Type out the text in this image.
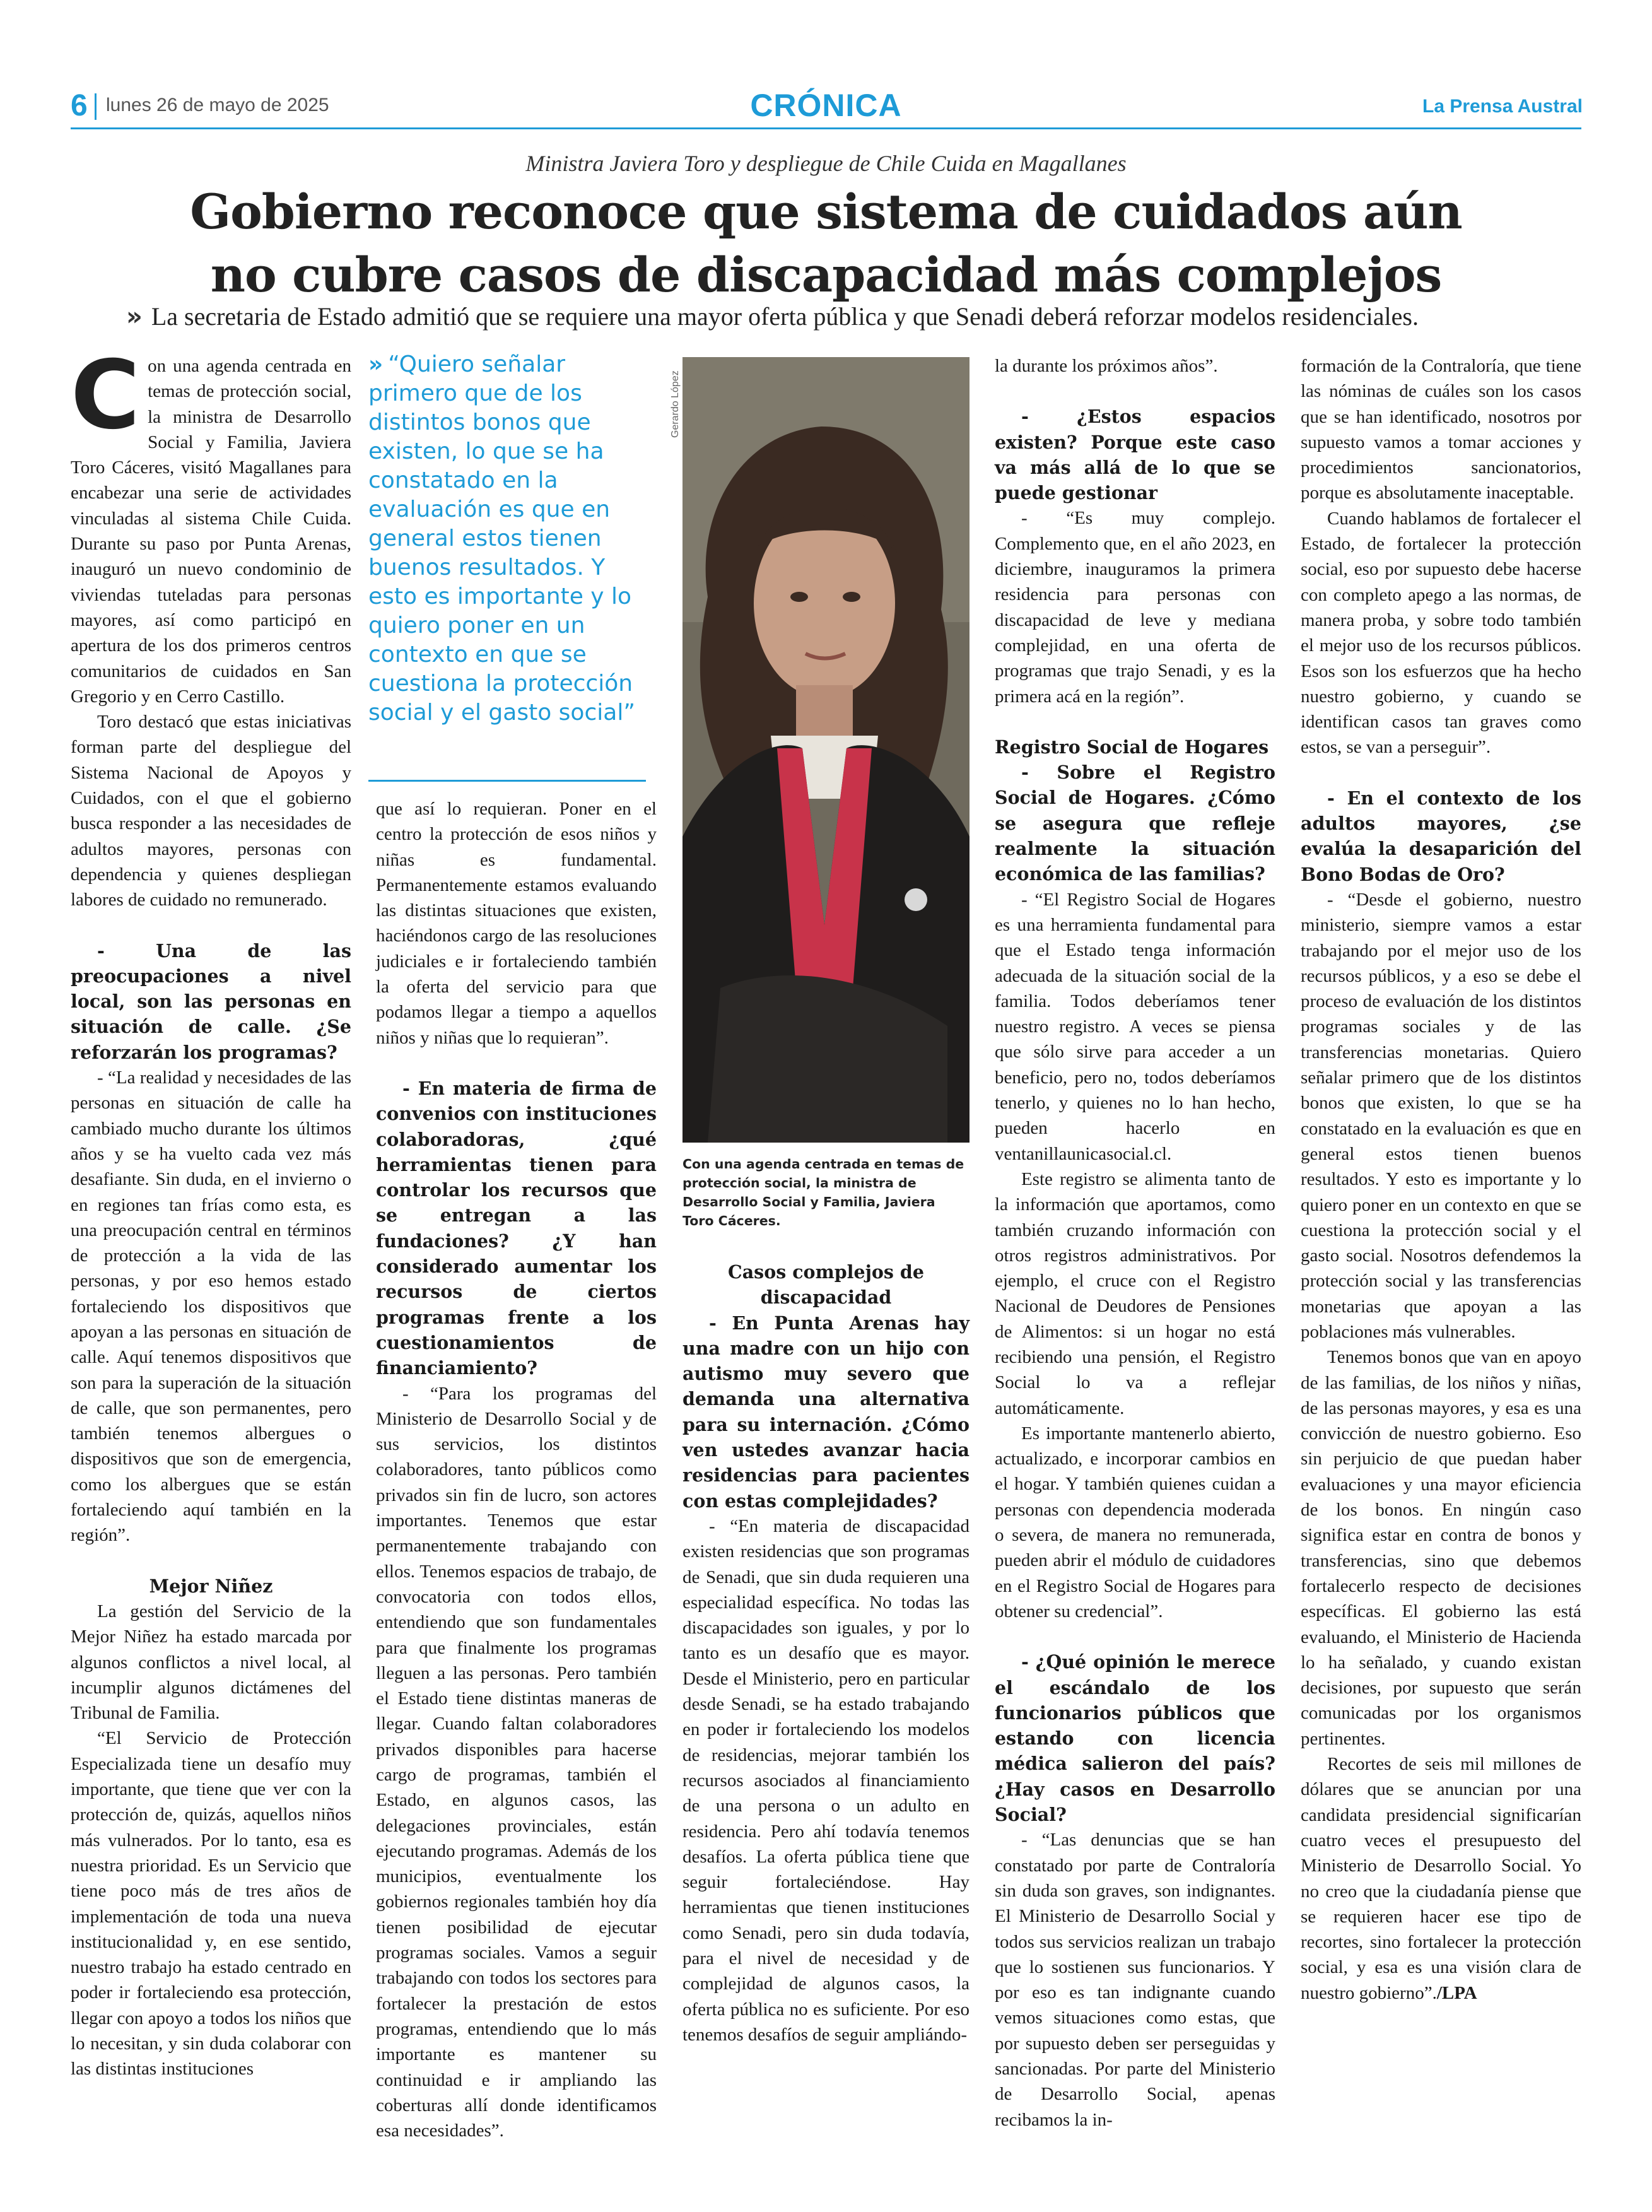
6 lunes 26 de mayo de 2025	CRÓNICA	La Prensa Austral
Ministra Javiera Toro y despliegue de Chile Cuida en Magallanes
Gobierno reconoce que sistema de cuidados aún
no cubre casos de discapacidad más complejos
» La secretaria de Estado admitió que se requiere una mayor oferta pública y que Senadi deberá reforzar modelos residenciales.

Con una agenda centrada en temas de protección social, la ministra de Desarrollo Social y Familia, Javiera Toro Cáceres, visitó Magallanes para encabezar una serie de actividades vinculadas al sistema Chile Cuida. Durante su paso por Punta Arenas, inauguró un nuevo condominio de viviendas tuteladas para personas mayores, así como participó en apertura de los dos primeros centros comunitarios de cuidados en San Gregorio y en Cerro Castillo.

Toro destacó que estas iniciativas forman parte del despliegue del Sistema Nacional de Apoyos y Cuidados, con el que el gobierno busca responder a las necesidades de adultos mayores, personas con dependencia y quienes despliegan labores de cuidado no remunerado.

- Una de las preocupaciones a nivel local, son las personas en situación de calle. ¿Se reforzarán los programas?

- “La realidad y necesidades de las personas en situación de calle ha cambiado mucho durante los últimos años y se ha vuelto cada vez más desafiante. Sin duda, en el invierno o en regiones tan frías como esta, es una preocupación central en términos de protección a la vida de las personas, y por eso hemos estado fortaleciendo los dispositivos que apoyan a las personas en situación de calle. Aquí tenemos dispositivos que son para la superación de la situación de calle, que son permanentes, pero también tenemos albergues o dispositivos que son de emergencia, como los albergues que se están fortaleciendo aquí también en la región”.

Mejor Niñez

La gestión del Servicio de la Mejor Niñez ha estado marcada por algunos conflictos a nivel local, al incumplir algunos dictámenes del Tribunal de Familia.

“El Servicio de Protección Especializada tiene un desafío muy importante, que tiene que ver con la protección de, quizás, aquellos niños más vulnerados. Por lo tanto, esa es nuestra prioridad. Es un Servicio que tiene poco más de tres años de implementación de toda una nueva institucionalidad y, en ese sentido, nuestro trabajo ha estado centrado en poder ir fortaleciendo esa protección, llegar con apoyo a todos los niños que lo necesitan, y sin duda colaborar con las distintas instituciones

» “Quiero señalar primero que de los distintos bonos que existen, lo que se ha constatado en la evaluación es que en general estos tienen buenos resultados. Y esto es importante y lo quiero poner en un contexto en que se cuestiona la protección social y el gasto social”

que así lo requieran. Poner en el centro la protección de esos niños y niñas es fundamental. Permanentemente estamos evaluando las distintas situaciones que existen, haciéndonos cargo de las resoluciones judiciales e ir fortaleciendo también la oferta del servicio para que podamos llegar a tiempo a aquellos niños y niñas que lo requieran”.

- En materia de firma de convenios con instituciones colaboradoras, ¿qué herramientas tienen para controlar los recursos que se entregan a las fundaciones? ¿Y han considerado aumentar los recursos de ciertos programas frente a los cuestionamientos de financiamiento?

- “Para los programas del Ministerio de Desarrollo Social y de sus servicios, los distintos colaboradores, tanto públicos como privados sin fin de lucro, son actores importantes. Tenemos que estar permanentemente trabajando con ellos. Tenemos espacios de trabajo, de convocatoria con todos ellos, entendiendo que son fundamentales para que finalmente los programas lleguen a las personas. Pero también el Estado tiene distintas maneras de llegar. Cuando faltan colaboradores privados disponibles para hacerse cargo de programas, también el Estado, en algunos casos, las delegaciones provinciales, están ejecutando programas. Además de los municipios, eventualmente los gobiernos regionales también hoy día tienen posibilidad de ejecutar programas sociales. Vamos a seguir trabajando con todos los sectores para fortalecer la prestación de estos programas, entendiendo que lo más importante es mantener su continuidad e ir ampliando las coberturas allí donde identificamos esa necesidades”.

Gerardo López
Con una agenda centrada en temas de protección social, la ministra de Desarrollo Social y Familia, Javiera Toro Cáceres.

Casos complejos de discapacidad

- En Punta Arenas hay una madre con un hijo con autismo muy severo que demanda una alternativa para su internación. ¿Cómo ven ustedes avanzar hacia residencias para pacientes con estas complejidades?

- “En materia de discapacidad existen residencias que son programas de Senadi, que sin duda requieren una especialidad específica. No todas las discapacidades son iguales, y por lo tanto es un desafío que es mayor. Desde el Ministerio, pero en particular desde Senadi, se ha estado trabajando en poder ir fortaleciendo los modelos de residencias, mejorar también los recursos asociados al financiamiento de una persona o un adulto en residencia. Pero ahí todavía tenemos desafíos. La oferta pública tiene que seguir fortaleciéndose. Hay herramientas que tienen instituciones como Senadi, pero sin duda todavía, para el nivel de necesidad y de complejidad de algunos casos, la oferta pública no es suficiente. Por eso tenemos desafíos de seguir ampliándo-

la durante los próximos años”.

- ¿Estos espacios existen? Porque este caso va más allá de lo que se puede gestionar

- “Es muy complejo. Complemento que, en el año 2023, en diciembre, inauguramos la primera residencia para personas con discapacidad de leve y mediana complejidad, en una oferta de programas que trajo Senadi, y es la primera acá en la región”.

Registro Social de Hogares

- Sobre el Registro Social de Hogares. ¿Cómo se asegura que refleje realmente la situación económica de las familias?

- “El Registro Social de Hogares es una herramienta fundamental para que el Estado tenga información adecuada de la situación social de la familia. Todos deberíamos tener nuestro registro. A veces se piensa que sólo sirve para acceder a un beneficio, pero no, todos deberíamos tenerlo, y quienes no lo han hecho, pueden hacerlo en ventanillaunicasocial.cl.

Este registro se alimenta tanto de la información que aportamos, como también cruzando información con otros registros administrativos. Por ejemplo, el cruce con el Registro Nacional de Deudores de Pensiones de Alimentos: si un hogar no está recibiendo una pensión, el Registro Social lo va a reflejar automáticamente.

Es importante mantenerlo abierto, actualizado, e incorporar cambios en el hogar. Y también quienes cuidan a personas con dependencia moderada o severa, de manera no remunerada, pueden abrir el módulo de cuidadores en el Registro Social de Hogares para obtener su credencial”.

- ¿Qué opinión le merece el escándalo de los funcionarios públicos que estando con licencia médica salieron del país? ¿Hay casos en Desarrollo Social?

- “Las denuncias que se han constatado por parte de Contraloría sin duda son graves, son indignantes. El Ministerio de Desarrollo Social y todos sus servicios realizan un trabajo que lo sostienen sus funcionarios. Y por eso es tan indignante cuando vemos situaciones como estas, que por supuesto deben ser perseguidas y sancionadas. Por parte del Ministerio de Desarrollo Social, apenas recibamos la in-

formación de la Contraloría, que tiene las nóminas de cuáles son los casos que se han identificado, nosotros por supuesto vamos a tomar acciones y procedimientos sancionatorios, porque es absolutamente inaceptable.

Cuando hablamos de fortalecer el Estado, de fortalecer la protección social, eso por supuesto debe hacerse con completo apego a las normas, de manera proba, y sobre todo también el mejor uso de los recursos públicos. Esos son los esfuerzos que ha hecho nuestro gobierno, y cuando se identifican casos tan graves como estos, se van a perseguir”.

- En el contexto de los adultos mayores, ¿se evalúa la desaparición del Bono Bodas de Oro?

- “Desde el gobierno, nuestro ministerio, siempre vamos a estar trabajando por el mejor uso de los recursos públicos, y a eso se debe el proceso de evaluación de los distintos programas sociales y de las transferencias monetarias. Quiero señalar primero que de los distintos bonos que existen, lo que se ha constatado en la evaluación es que en general estos tienen buenos resultados. Y esto es importante y lo quiero poner en un contexto en que se cuestiona la protección social y el gasto social. Nosotros defendemos la protección social y las transferencias monetarias que apoyan a las poblaciones más vulnerables.

Tenemos bonos que van en apoyo de las familias, de los niños y niñas, de las personas mayores, y esa es una convicción de nuestro gobierno. Eso sin perjuicio de que puedan haber evaluaciones y una mayor eficiencia de los bonos. En ningún caso significa estar en contra de bonos y transferencias, sino que debemos fortalecerlo respecto de decisiones específicas. El gobierno las está evaluando, el Ministerio de Hacienda lo ha señalado, y cuando existan decisiones, por supuesto que serán comunicadas por los organismos pertinentes.

Recortes de seis mil millones de dólares que se anuncian por una candidata presidencial significarían cuatro veces el presupuesto del Ministerio de Desarrollo Social. Yo no creo que la ciudadanía piense que se requieren hacer ese tipo de recortes, sino fortalecer la protección social, y esa es una visión clara de nuestro gobierno”./LPA
